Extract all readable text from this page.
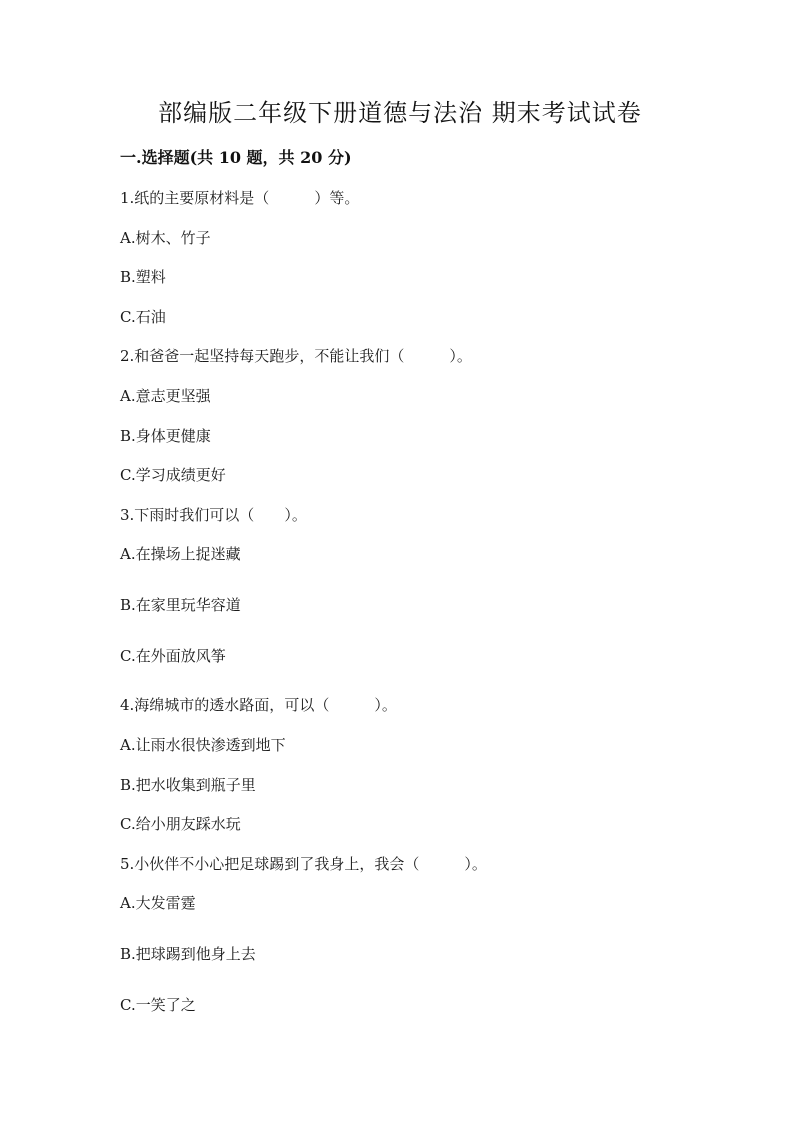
部编版二年级下册道德与法治 期末考试试卷
一.选择题(共 10 题，共 20 分)
1.纸的主要原材料是（　　　）等。
A.树木、竹子
B.塑料
C.石油
2.和爸爸一起坚持每天跑步，不能让我们（　　　）。
A.意志更坚强
B.身体更健康
C.学习成绩更好
3.下雨时我们可以（　　）。
A.在操场上捉迷藏
B.在家里玩华容道
C.在外面放风筝
4.海绵城市的透水路面，可以（　　　）。
A.让雨水很快渗透到地下
B.把水收集到瓶子里
C.给小朋友踩水玩
5.小伙伴不小心把足球踢到了我身上，我会（　　　）。
A.大发雷霆
B.把球踢到他身上去
C.一笑了之
